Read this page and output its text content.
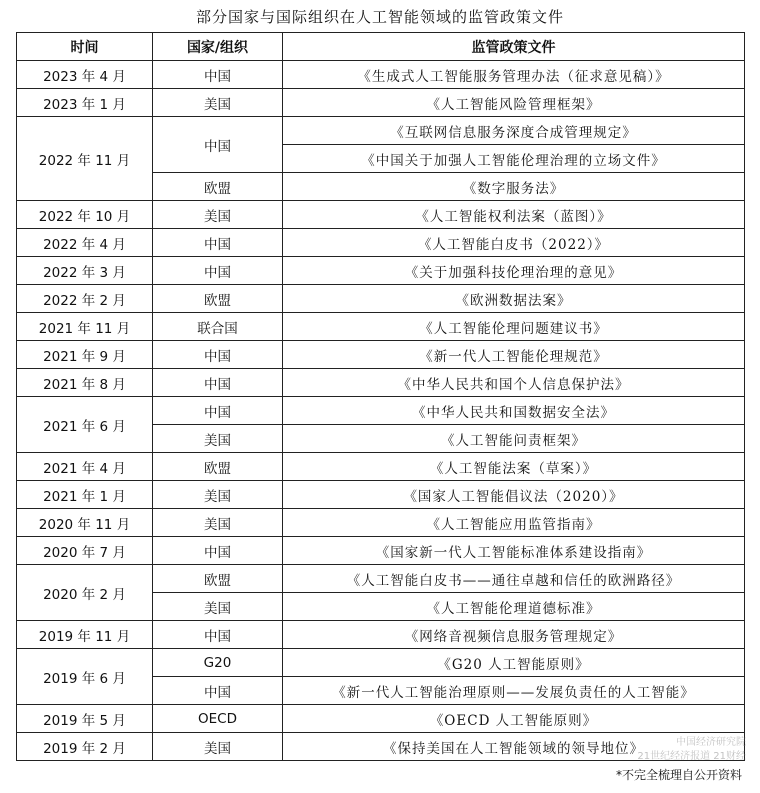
部分国家与国际组织在人工智能领域的监管政策文件
时间	国家/组织	监管政策文件
2023 年 4 月	中国	《生成式人工智能服务管理办法（征求意见稿）》
2023 年 1 月	美国	《人工智能风险管理框架》
2022 年 11 月	中国	《互联网信息服务深度合成管理规定》
		《中国关于加强人工智能伦理治理的立场文件》
	欧盟	《数字服务法》
2022 年 10 月	美国	《人工智能权利法案（蓝图）》
2022 年 4 月	中国	《人工智能白皮书（2022）》
2022 年 3 月	中国	《关于加强科技伦理治理的意见》
2022 年 2 月	欧盟	《欧洲数据法案》
2021 年 11 月	联合国	《人工智能伦理问题建议书》
2021 年 9 月	中国	《新一代人工智能伦理规范》
2021 年 8 月	中国	《中华人民共和国个人信息保护法》
2021 年 6 月	中国	《中华人民共和国数据安全法》
	美国	《人工智能问责框架》
2021 年 4 月	欧盟	《人工智能法案（草案）》
2021 年 1 月	美国	《国家人工智能倡议法（2020）》
2020 年 11 月	美国	《人工智能应用监管指南》
2020 年 7 月	中国	《国家新一代人工智能标准体系建设指南》
2020 年 2 月	欧盟	《人工智能白皮书——通往卓越和信任的欧洲路径》
	美国	《人工智能伦理道德标准》
2019 年 11 月	中国	《网络音视频信息服务管理规定》
2019 年 6 月	G20	《G20 人工智能原则》
	中国	《新一代人工智能治理原则——发展负责任的人工智能》
2019 年 5 月	OECD	《OECD 人工智能原则》
2019 年 2 月	美国	《保持美国在人工智能领域的领导地位》	中国经济研究院
21世纪经济报道 21财经
*不完全梳理自公开资料
